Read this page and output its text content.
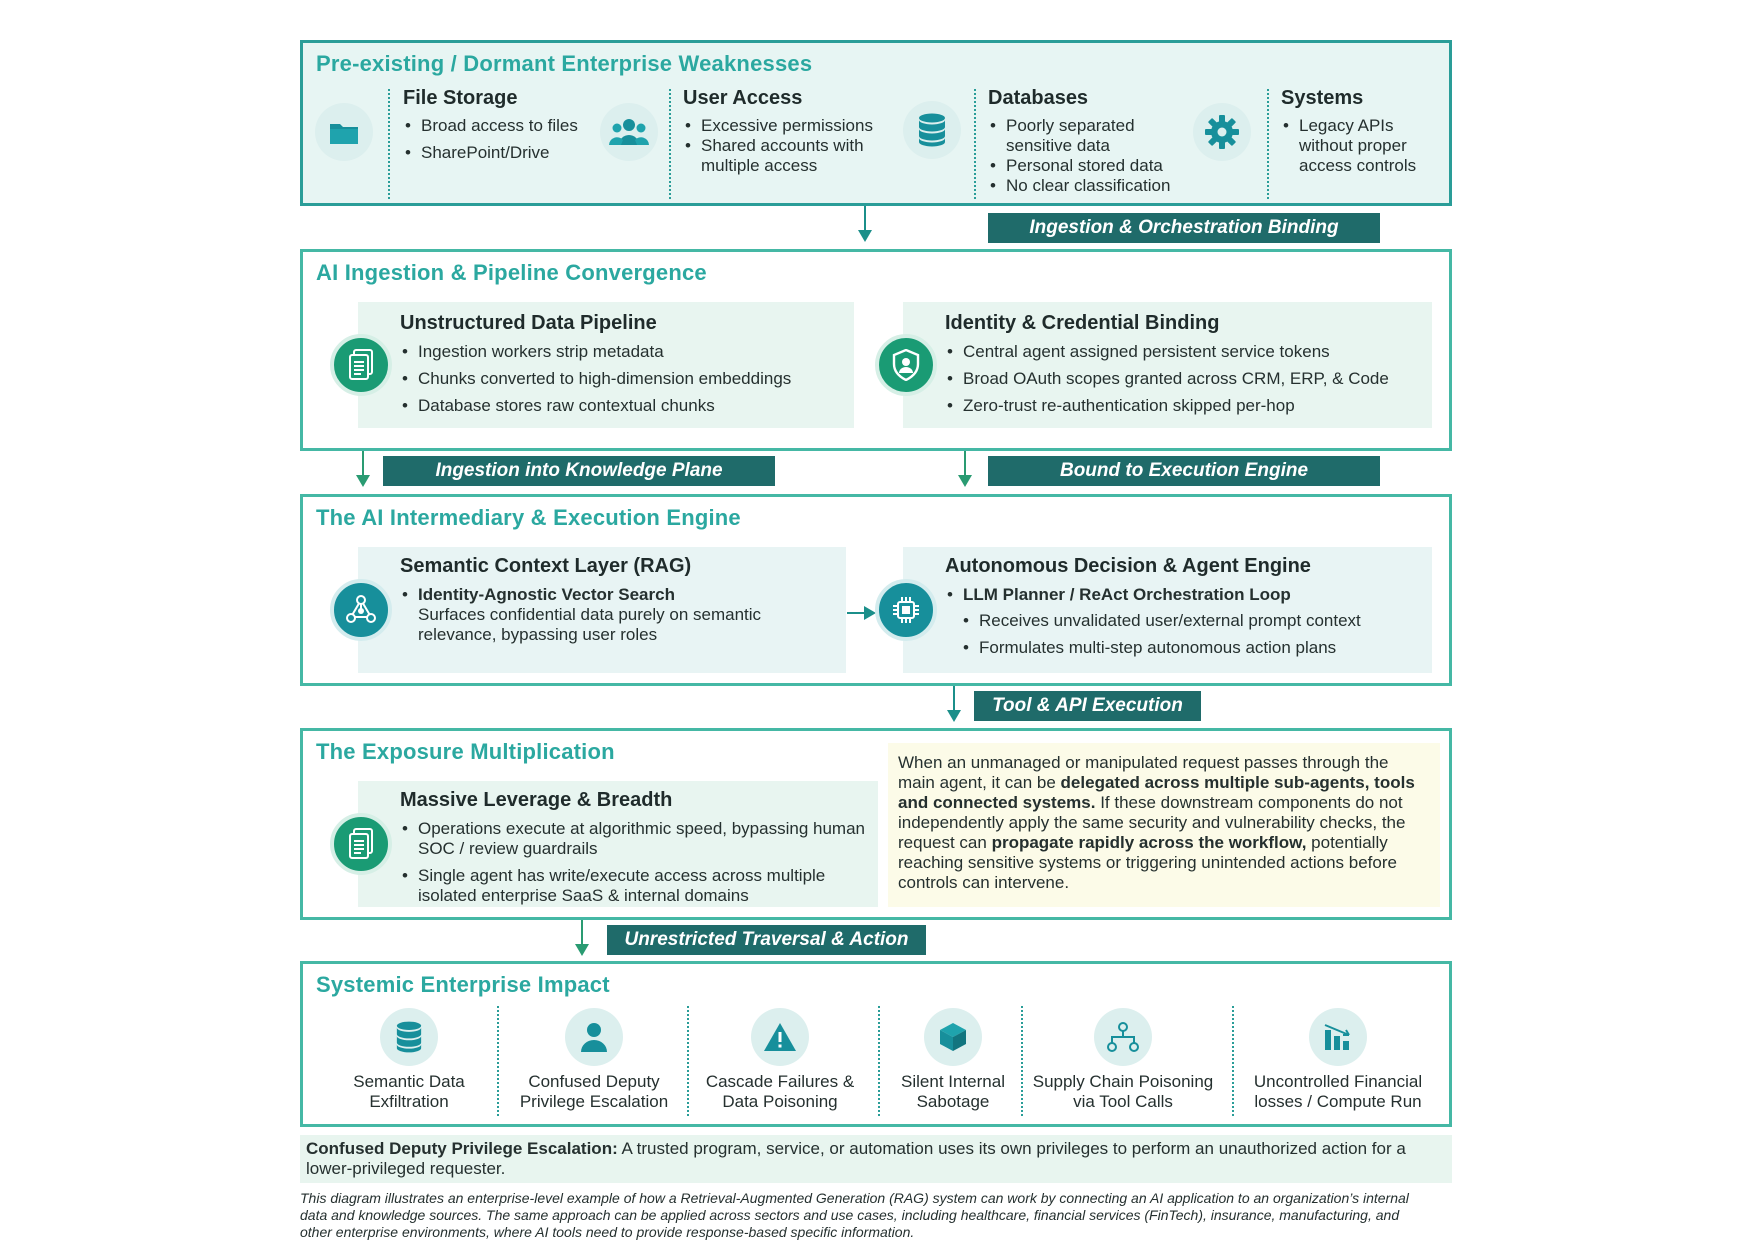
Pre-existing / Dormant Enterprise Weaknesses
File Storage
• Broad access to files
• SharePoint/Drive
User Access
• Excessive permissions
• Shared accounts with multiple access
Databases
• Poorly separated sensitive data
• Personal stored data
• No clear classification
Systems
• Legacy APIs without proper access controls
Ingestion & Orchestration Binding
AI Ingestion & Pipeline Convergence
Unstructured Data Pipeline
• Ingestion workers strip metadata
• Chunks converted to high-dimension embeddings
• Database stores raw contextual chunks
Identity & Credential Binding
• Central agent assigned persistent service tokens
• Broad OAuth scopes granted across CRM, ERP, & Code
• Zero-trust re-authentication skipped per-hop
Ingestion into Knowledge Plane	Bound to Execution Engine
The AI Intermediary & Execution Engine
Semantic Context Layer (RAG)
• Identity-Agnostic Vector Search
Surfaces confidential data purely on semantic relevance, bypassing user roles
Autonomous Decision & Agent Engine
• LLM Planner / ReAct Orchestration Loop
• Receives unvalidated user/external prompt context
• Formulates multi-step autonomous action plans
Tool & API Execution
The Exposure Multiplication
Massive Leverage & Breadth
• Operations execute at algorithmic speed, bypassing human SOC / review guardrails
• Single agent has write/execute access across multiple isolated enterprise SaaS & internal domains

When an unmanaged or manipulated request passes through the main agent, it can be delegated across multiple sub-agents, tools and connected systems. If these downstream components do not independently apply the same security and vulnerability checks, the request can propagate rapidly across the workflow, potentially reaching sensitive systems or triggering unintended actions before controls can intervene.

Unrestricted Traversal & Action
Systemic Enterprise Impact
Semantic Data
Exfiltration
Confused Deputy
Privilege Escalation
Cascade Failures &
Data Poisoning
Silent Internal
Sabotage
Supply Chain Poisoning
via Tool Calls
Uncontrolled Financial
losses / Compute Run

Confused Deputy Privilege Escalation: A trusted program, service, or automation uses its own privileges to perform an unauthorized action for a lower-privileged requester.

This diagram illustrates an enterprise-level example of how a Retrieval-Augmented Generation (RAG) system can work by connecting an AI application to an organization’s internal data and knowledge sources. The same approach can be applied across sectors and use cases, including healthcare, financial services (FinTech), insurance, manufacturing, and other enterprise environments, where AI tools need to provide response-based specific information.
